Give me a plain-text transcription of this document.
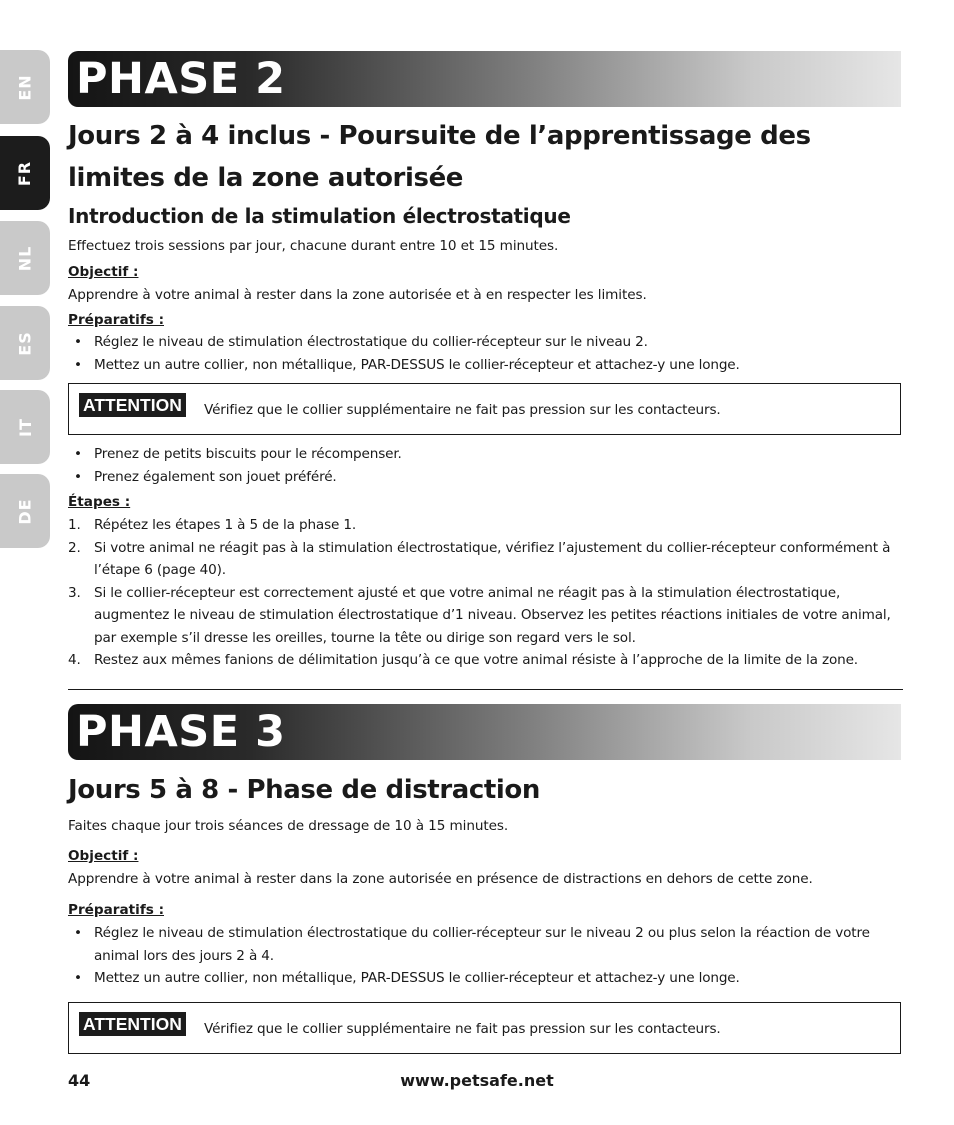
EN
FR
NL
ES
IT
DE
PHASE 2
Jours 2 à 4 inclus - Poursuite de l’apprentissage des limites de la zone autorisée
Introduction de la stimulation électrostatique
Effectuez trois sessions par jour, chacune durant entre 10 et 15 minutes.
Objectif :
Apprendre à votre animal à rester dans la zone autorisée et à en respecter les limites.
Préparatifs :
• Réglez le niveau de stimulation électrostatique du collier-récepteur sur le niveau 2.
• Mettez un autre collier, non métallique, PAR-DESSUS le collier-récepteur et attachez-y une longe.
ATTENTION Vérifiez que le collier supplémentaire ne fait pas pression sur les contacteurs.
• Prenez de petits biscuits pour le récompenser.
• Prenez également son jouet préféré.
Étapes :
1. Répétez les étapes 1 à 5 de la phase 1.
2. Si votre animal ne réagit pas à la stimulation électrostatique, vérifiez l’ajustement du collier-récepteur conformément à l’étape 6 (page 40).
3. Si le collier-récepteur est correctement ajusté et que votre animal ne réagit pas à la stimulation électrostatique, augmentez le niveau de stimulation électrostatique d’1 niveau. Observez les petites réactions initiales de votre animal, par exemple s’il dresse les oreilles, tourne la tête ou dirige son regard vers le sol.
4. Restez aux mêmes fanions de délimitation jusqu’à ce que votre animal résiste à l’approche de la limite de la zone.
PHASE 3
Jours 5 à 8 - Phase de distraction
Faites chaque jour trois séances de dressage de 10 à 15 minutes.
Objectif :
Apprendre à votre animal à rester dans la zone autorisée en présence de distractions en dehors de cette zone.
Préparatifs :
• Réglez le niveau de stimulation électrostatique du collier-récepteur sur le niveau 2 ou plus selon la réaction de votre animal lors des jours 2 à 4.
• Mettez un autre collier, non métallique, PAR-DESSUS le collier-récepteur et attachez-y une longe.
ATTENTION Vérifiez que le collier supplémentaire ne fait pas pression sur les contacteurs.
www.petsafe.net
44
